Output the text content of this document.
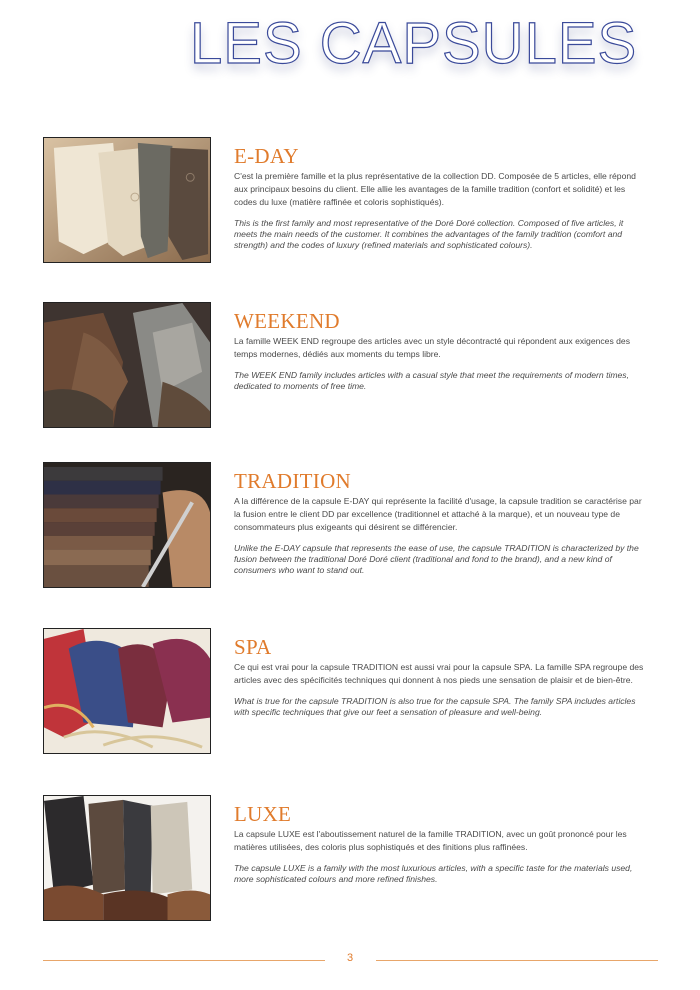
LES CAPSULES
E-DAY

C'est la première famille et la plus représentative de la collection DD. Composée de 5 articles, elle répond aux principaux besoins du client. Elle allie les avantages de la famille tradition (confort et solidité) et les codes du luxe (matière raffinée et coloris sophistiqués).

This is the first family and most representative of the Doré Doré collection. Composed of five articles, it meets the main needs of the customer. It combines the advantages of the family tradition (comfort and strength) and the codes of luxury (refined materials and sophisticated colours).

WEEKEND

La famille WEEK END regroupe des articles avec un style décontracté qui répondent aux exigences des temps modernes, dédiés aux moments du temps libre.

The WEEK END family includes articles with a casual style that meet the requirements of modern times, dedicated to moments of free time.

TRADITION

A la différence de la capsule E-DAY qui représente la facilité d'usage, la capsule tradition se caractérise par la fusion entre le client DD par excellence (traditionnel et attaché à la marque), et un nouveau type de consommateurs plus exigeants qui désirent se différencier.

Unlike the E-DAY capsule that represents the ease of use, the capsule TRADITION is characterized by the fusion between the traditional Doré Doré client (traditional and fond to the brand), and a new kind of consumers who want to stand out.

SPA

Ce qui est vrai pour la capsule TRADITION est aussi vrai pour la capsule SPA. La famille SPA regroupe des articles avec des spécificités techniques qui donnent à nos pieds une sensation de plaisir et de bien-être.

What is true for the capsule TRADITION is also true for the capsule SPA. The family SPA includes articles with specific techniques that give our feet a sensation of pleasure and well-being.

LUXE

La capsule LUXE est l'aboutissement naturel de la famille TRADITION, avec un goût prononcé pour les matières utilisées, des coloris plus sophistiqués et des finitions plus raffinées.

The capsule LUXE is a family with the most luxurious articles, with a specific taste for the materials used, more sophisticated colours and more refined finishes.

3
